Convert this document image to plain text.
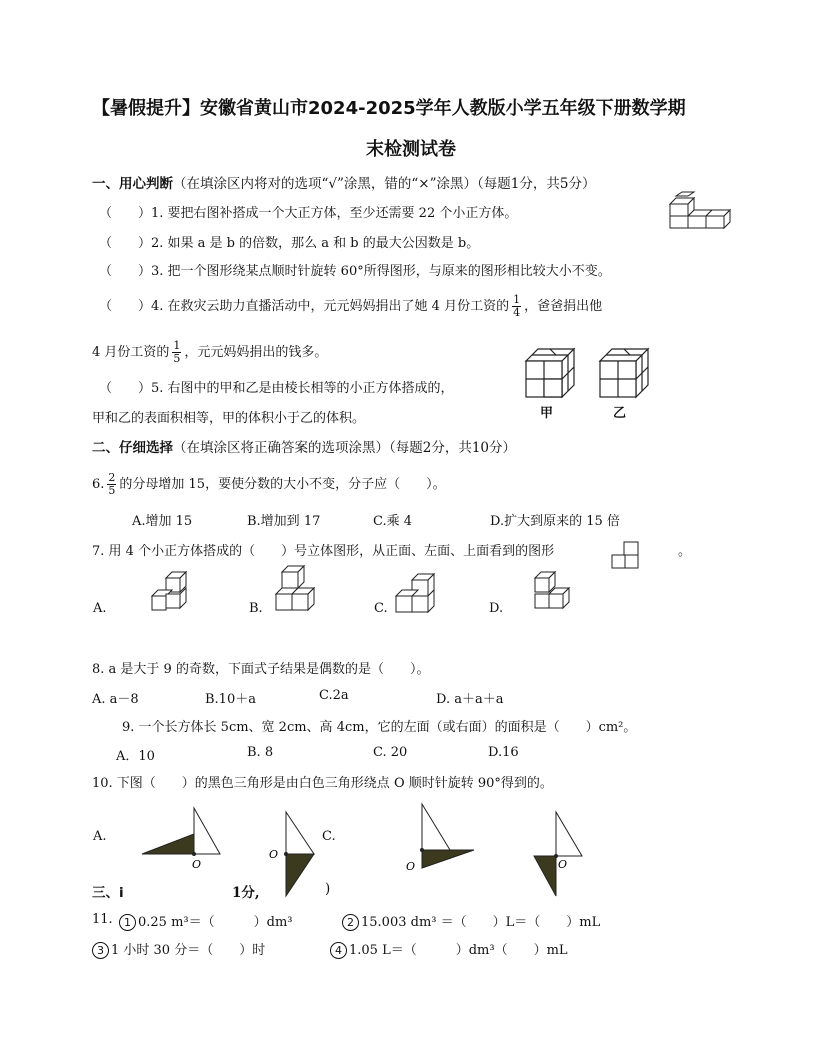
【暑假提升】安徽省黄山市2024-2025学年人教版小学五年级下册数学期
末检测试卷
一、用心判断（在填涂区内将对的选项“√”涂黑，错的“×”涂黑）（每题1分，共5分）
（　　）1. 要把右图补搭成一个大正方体，至少还需要 22 个小正方体。
（　　）2. 如果 a 是 b 的倍数，那么 a 和 b 的最大公因数是 b。
（　　）3. 把一个图形绕某点顺时针旋转 60°所得图形，与原来的图形相比较大小不变。
（　　）4. 在救灾云助力直播活动中，元元妈妈捐出了她 4 月份工资的 $\frac{1}{4}$ ，爸爸捐出他
4 月份工资的 $\frac{1}{5}$ ，元元妈妈捐出的钱多。
（　　）5. 右图中的甲和乙是由棱长相等的小正方体搭成的，
甲和乙的表面积相等，甲的体积小于乙的体积。	甲	乙
二、仔细选择（在填涂区将正确答案的选项涂黑）（每题2分，共10分）
6. $\frac{2}{5}$ 的分母增加 15，要使分数的大小不变，分子应（　　）。
A.增加 15	B.增加到 17	C.乘 4	D.扩大到原来的 15 倍
7. 用 4 个小正方体搭成的（　　）号立体图形，从正面、左面、上面看到的图形	。
A.	B.	C.	D.
8. a 是大于 9 的奇数，下面式子结果是偶数的是（　　）。
A. a－8	B.10＋a	C.2a	D. a＋a＋a
9. 一个长方体长 5cm、宽 2cm、高 4cm，它的左面（或右面）的面积是（　　）cm²。
A．10	B. 8	C. 20	D.16
10. 下图（　　）的黑色三角形是由白色三角形绕点 O 顺时针旋转 90°得到的。
A.
O
O
C.
O	O
三、i	1分,	)
11.	1 0.25 m³＝（　　　）dm³	2 15.003 dm³ ＝（　　）L＝（　　）mL
3 1 小时 30 分＝（　　）时	4 1.05 L＝（　　　）dm³（　　）mL
